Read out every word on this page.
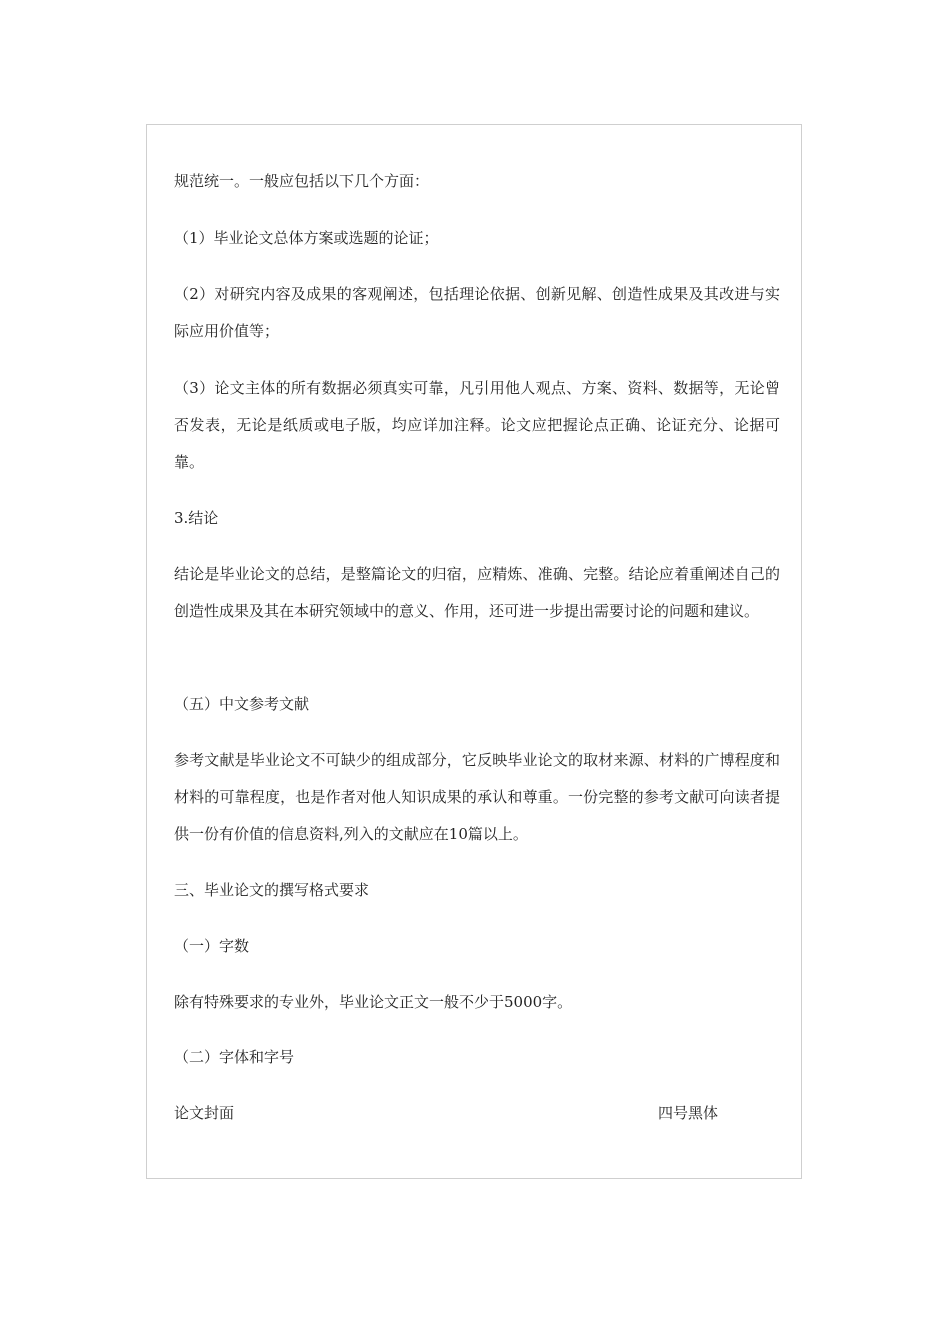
规范统一。一般应包括以下几个方面：

（1）毕业论文总体方案或选题的论证；

（2）对研究内容及成果的客观阐述，包括理论依据、创新见解、创造性成果及其改进与实际应用价值等；

（3）论文主体的所有数据必须真实可靠，凡引用他人观点、方案、资料、数据等，无论曾否发表，无论是纸质或电子版，均应详加注释。论文应把握论点正确、论证充分、论据可靠。

3.结论

结论是毕业论文的总结，是整篇论文的归宿，应精炼、准确、完整。结论应着重阐述自己的创造性成果及其在本研究领域中的意义、作用，还可进一步提出需要讨论的问题和建议。

（五）中文参考文献

参考文献是毕业论文不可缺少的组成部分，它反映毕业论文的取材来源、材料的广博程度和材料的可靠程度，也是作者对他人知识成果的承认和尊重。一份完整的参考文献可向读者提供一份有价值的信息资料,列入的文献应在10篇以上。

三、毕业论文的撰写格式要求

（一）字数

除有特殊要求的专业外，毕业论文正文一般不少于5000字。

（二）字体和字号

论文封面	四号黑体
